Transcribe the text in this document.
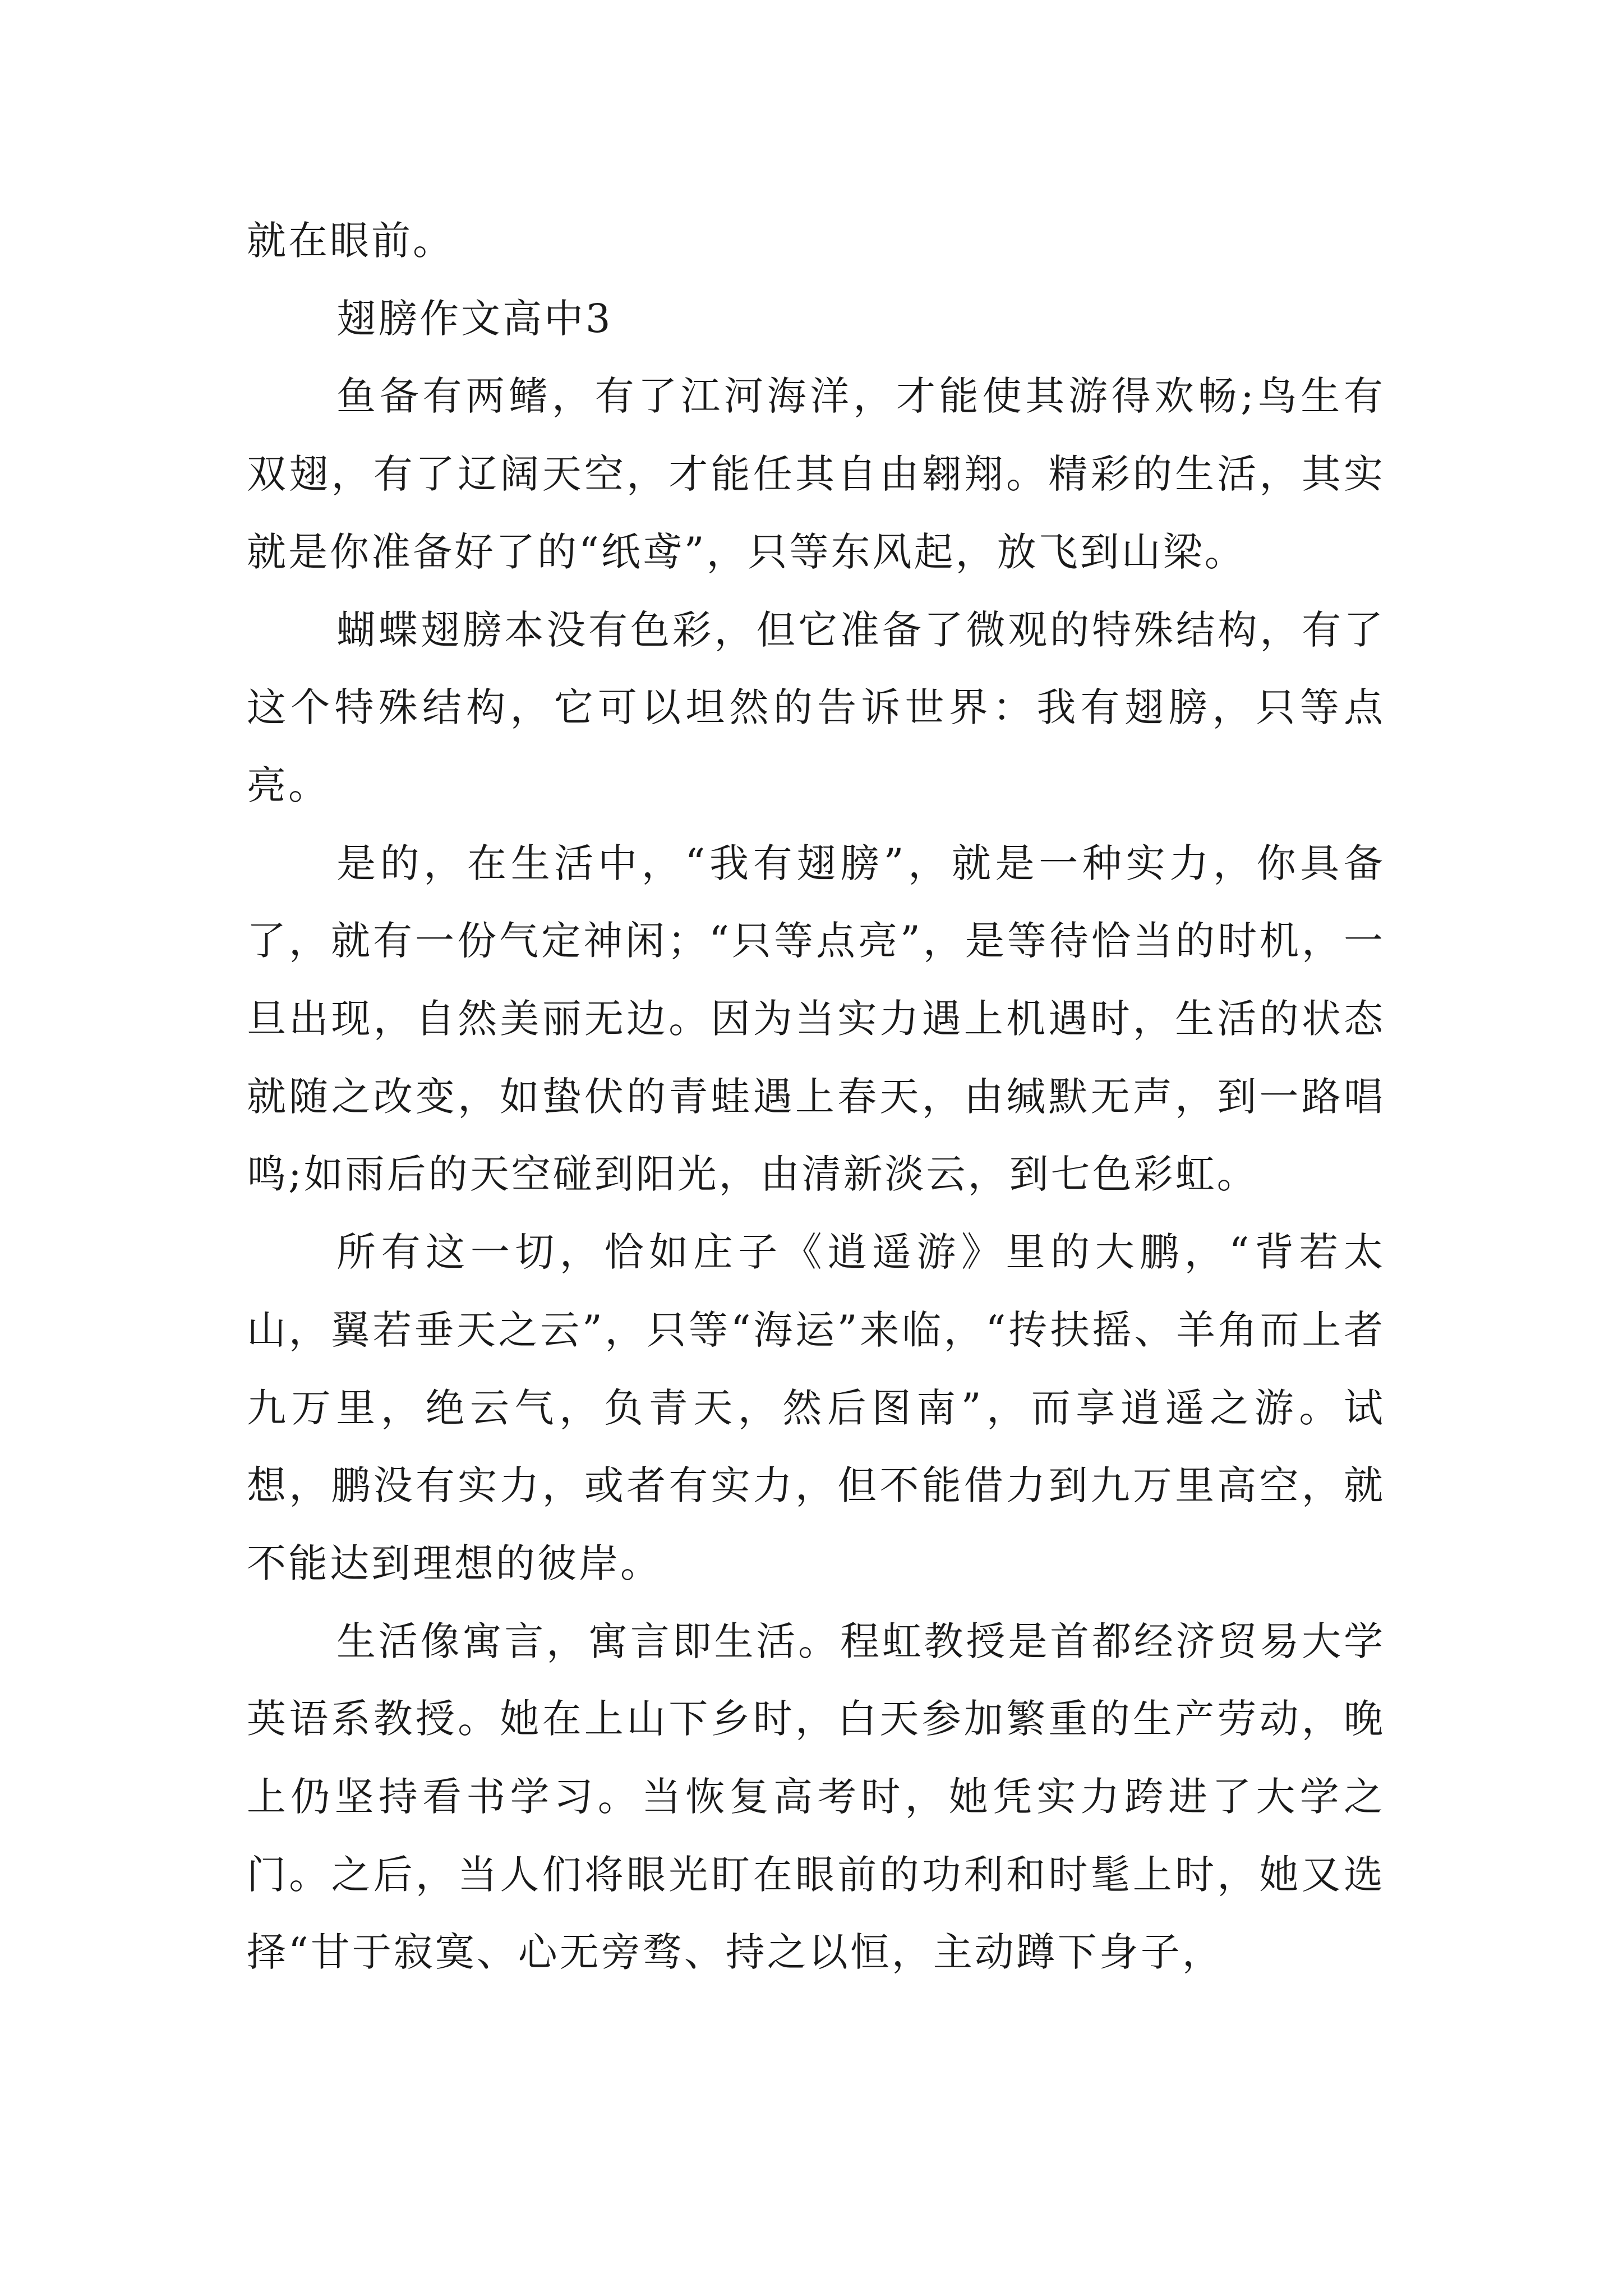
就在眼前。

翅膀作文高中3

鱼备有两鳍，有了江河海洋，才能使其游得欢畅;鸟生有双翅，有了辽阔天空，才能任其自由翱翔。精彩的生活，其实就是你准备好了的“纸鸢”，只等东风起，放飞到山梁。

蝴蝶翅膀本没有色彩，但它准备了微观的特殊结构，有了这个特殊结构，它可以坦然的告诉世界：我有翅膀，只等点亮。

是的，在生活中，“我有翅膀”，就是一种实力，你具备了，就有一份气定神闲；“只等点亮”，是等待恰当的时机，一旦出现，自然美丽无边。因为当实力遇上机遇时，生活的状态就随之改变，如蛰伏的青蛙遇上春天，由缄默无声，到一路唱鸣;如雨后的天空碰到阳光，由清新淡云，到七色彩虹。

所有这一切，恰如庄子《逍遥游》里的大鹏，“背若太山，翼若垂天之云”，只等“海运”来临，“抟扶摇、羊角而上者九万里，绝云气，负青天，然后图南”，而享逍遥之游。试想，鹏没有实力，或者有实力，但不能借力到九万里高空，就不能达到理想的彼岸。

生活像寓言，寓言即生活。程虹教授是首都经济贸易大学英语系教授。她在上山下乡时，白天参加繁重的生产劳动，晚上仍坚持看书学习。当恢复高考时，她凭实力跨进了大学之门。之后，当人们将眼光盯在眼前的功利和时髦上时，她又选择“甘于寂寞、心无旁骛、持之以恒，主动蹲下身子，
